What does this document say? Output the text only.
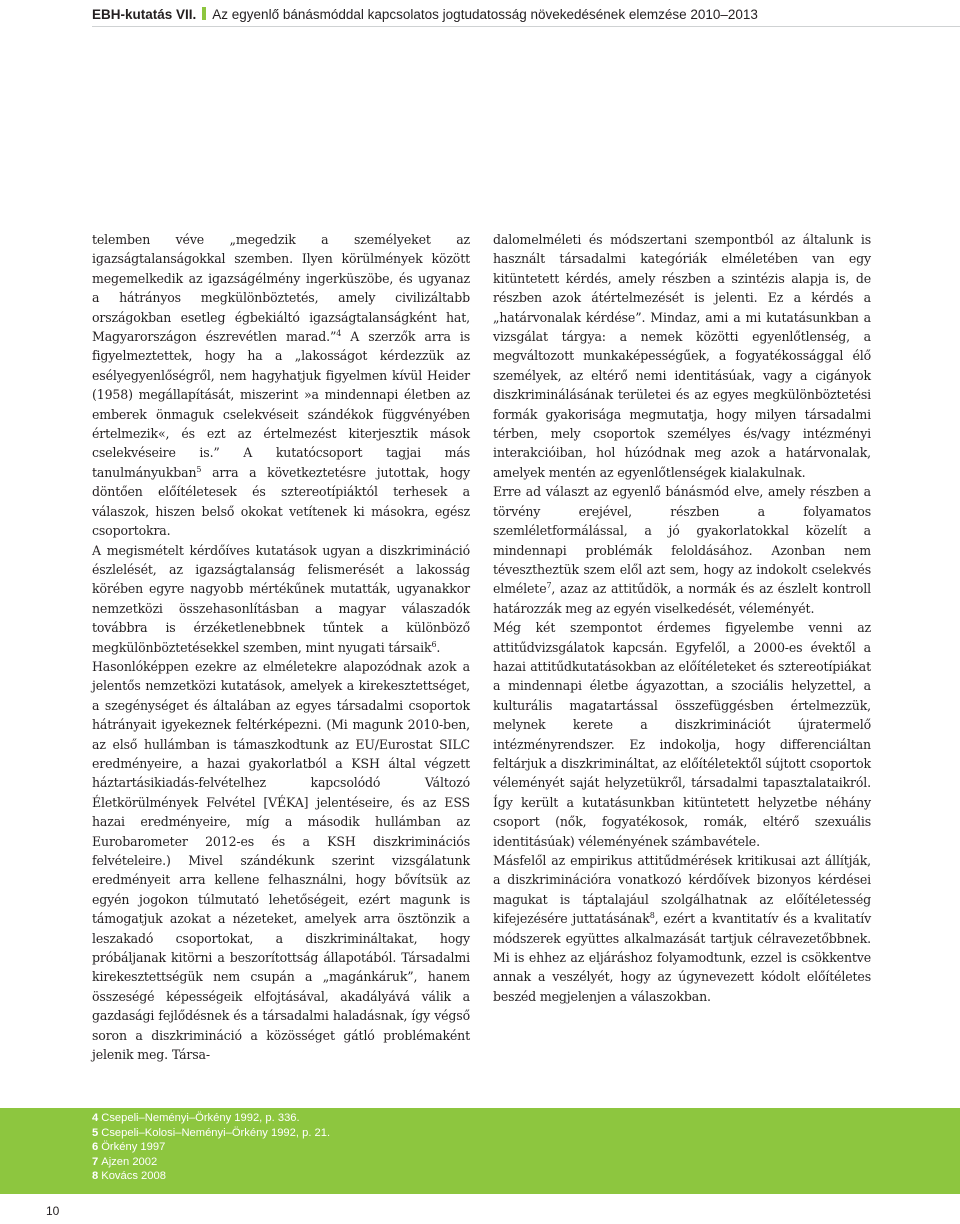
EBH-kutatás VII. Az egyenlő bánásmóddal kapcsolatos jogtudatosság növekedésének elemzése 2010–2013

telemben véve „megedzik a személyeket az igazságtalanságokkal szemben. Ilyen körülmények között megemelkedik az igazságélmény ingerküszöbe, és ugyanaz a hátrányos megkülönböztetés, amely civilizáltabb országokban esetleg égbekiáltó igazságtalanságként hat, Magyarországon észrevétlen marad.”$^4$ A szerzők arra is figyelmeztettek, hogy ha a „lakosságot kérdezzük az esélyegyenlőségről, nem hagyhatjuk figyelmen kívül Heider (1958) megállapítását, miszerint »a mindennapi életben az emberek önmaguk cselekvéseit szándékok függvényében értelmezik«, és ezt az értelmezést kiterjesztik mások cselekvéseire is.” A kutatócsoport tagjai más tanulmányukban$^5$ arra a következtetésre jutottak, hogy döntően előítéletesek és sztereotípiáktól terhesek a válaszok, hiszen belső okokat vetítenek ki másokra, egész csoportokra.

A megismételt kérdőíves kutatások ugyan a diszkrimináció észlelését, az igazságtalanság felismerését a lakosság körében egyre nagyobb mértékűnek mutatták, ugyanakkor nemzetközi összehasonlításban a magyar válaszadók továbbra is érzéketlenebbnek tűntek a különböző megkülönböztetésekkel szemben, mint nyugati társaik$^6$.

Hasonlóképpen ezekre az elméletekre alapozódnak azok a jelentős nemzetközi kutatások, amelyek a kirekesztettséget, a szegénységet és általában az egyes társadalmi csoportok hátrányait igyekeznek feltérképezni. (Mi magunk 2010-ben, az első hullámban is támaszkodtunk az EU/Eurostat SILC eredményeire, a hazai gyakorlatból a KSH által végzett háztartásikiadás-felvételhez kapcsolódó Változó Életkörülmények Felvétel [VÉKA] jelentéseire, és az ESS hazai eredményeire, míg a második hullámban az Eurobarometer 2012-es és a KSH diszkriminációs felvételeire.) Mivel szándékunk szerint vizsgálatunk eredményeit arra kellene felhasználni, hogy bővítsük az egyén jogokon túlmutató lehetőségeit, ezért magunk is támogatjuk azokat a nézeteket, amelyek arra ösztönzik a leszakadó csoportokat, a diszkrimináltakat, hogy próbáljanak kitörni a beszorítottság állapotából. Társadalmi kirekesztettségük nem csupán a „magánkáruk”, hanem összeségé képességeik elfojtásával, akadályává válik a gazdasági fejlődésnek és a társadalmi haladásnak, így végső soron a diszkrimináció a közösséget gátló problémaként jelenik meg. Társa-

dalomelméleti és módszertani szempontból az általunk is használt társadalmi kategóriák elméletében van egy kitüntetett kérdés, amely részben a szintézis alapja is, de részben azok átértelmezését is jelenti. Ez a kérdés a „határvonalak kérdése”. Mindaz, ami a mi kutatásunkban a vizsgálat tárgya: a nemek közötti egyenlőtlenség, a megváltozott munkaképességűek, a fogyatékossággal élő személyek, az eltérő nemi identitásúak, vagy a cigányok diszkriminálásának területei és az egyes megkülönböztetési formák gyakorisága megmutatja, hogy milyen társadalmi térben, mely csoportok személyes és/vagy intézményi interakcióiban, hol húzódnak meg azok a határvonalak, amelyek mentén az egyenlőtlenségek kialakulnak.

Erre ad választ az egyenlő bánásmód elve, amely részben a törvény erejével, részben a folyamatos szemléletformálással, a jó gyakorlatokkal közelít a mindennapi problémák feloldásához. Azonban nem tévesztheztük szem elől azt sem, hogy az indokolt cselekvés elmélete$^7$, azaz az attitűdök, a normák és az észlelt kontroll határozzák meg az egyén viselkedését, véleményét.

Még két szempontot érdemes figyelembe venni az attitűdvizsgálatok kapcsán. Egyfelől, a 2000-es évektől a hazai attitűdkutatásokban az előítéleteket és sztereotípiákat a mindennapi életbe ágyazottan, a szociális helyzettel, a kulturális magatartással összefüggésben értelmezzük, melynek kerete a diszkriminációt újratermelő intézményrendszer. Ez indokolja, hogy differenciáltan feltárjuk a diszkrimináltat, az előítéletektől sújtott csoportok véleményét saját helyzetükről, társadalmi tapasztalataikról. Így került a kutatásunkban kitüntetett helyzetbe néhány csoport (nők, fogyatékosok, romák, eltérő szexuális identitásúak) véleményének számbavétele.

Másfelől az empirikus attitűdmérések kritikusai azt állítják, a diszkriminációra vonatkozó kérdőívek bizonyos kérdései magukat is táptalajául szolgálhatnak az előítéletesség kifejezésére juttatásának$^8$, ezért a kvantitatív és a kvalitatív módszerek együttes alkalmazását tartjuk célravezetőbbnek. Mi is ehhez az eljáráshoz folyamodtunk, ezzel is csökkentve annak a veszélyét, hogy az úgynevezett kódolt előítéletes beszéd megjelenjen a válaszokban.

4 Csepeli–Neményi–Örkény 1992, p. 336.
5 Csepeli–Kolosi–Neményi–Örkény 1992, p. 21.
6 Örkény 1997
7 Ajzen 2002
8 Kovács 2008
10
